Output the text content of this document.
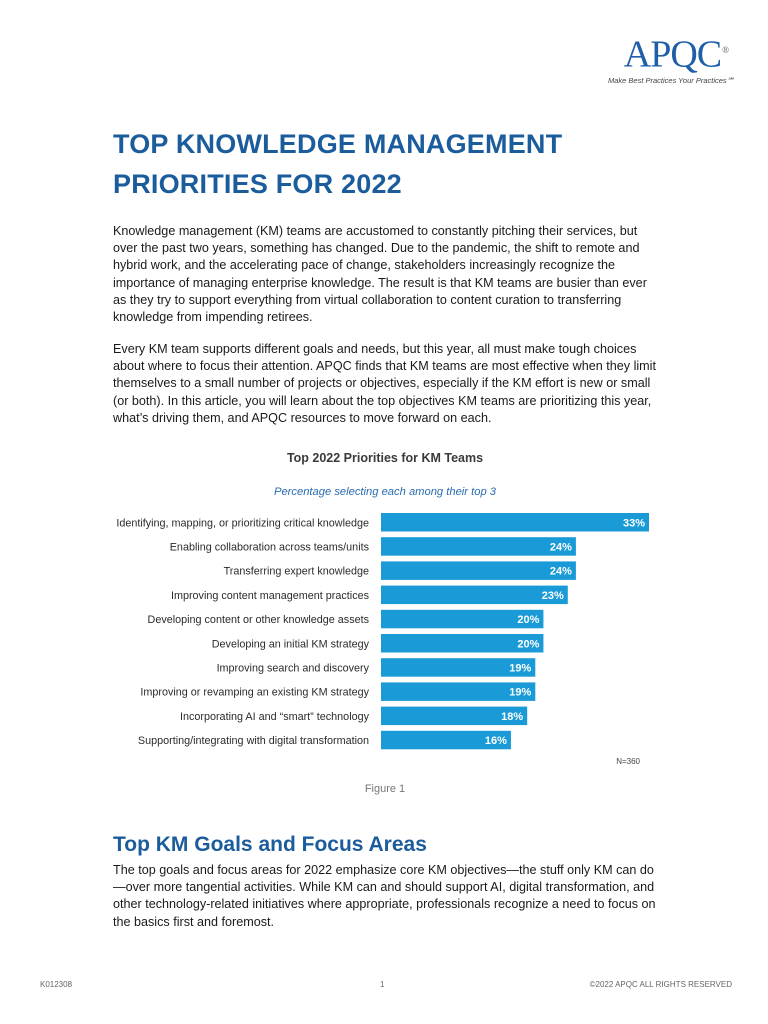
APQC®
Make Best Practices Your Practices℠
TOP KNOWLEDGE MANAGEMENT
PRIORITIES FOR 2022

Knowledge management (KM) teams are accustomed to constantly pitching their services, but over the past two years, something has changed. Due to the pandemic, the shift to remote and hybrid work, and the accelerating pace of change, stakeholders increasingly recognize the importance of managing enterprise knowledge. The result is that KM teams are busier than ever as they try to support everything from virtual collaboration to content curation to transferring knowledge from impending retirees.

Every KM team supports different goals and needs, but this year, all must make tough choices about where to focus their attention. APQC finds that KM teams are most effective when they limit themselves to a small number of projects or objectives, especially if the KM effort is new or small (or both). In this article, you will learn about the top objectives KM teams are prioritizing this year, what’s driving them, and APQC resources to move forward on each.

Top 2022 Priorities for KM Teams
Percentage selecting each among their top 3
Identifying, mapping, or prioritizing critical knowledge	33%
Enabling collaboration across teams/units	24%
Transferring expert knowledge	24%
Improving content management practices	23%
Developing content or other knowledge assets	20%
Developing an initial KM strategy	20%
Improving search and discovery	19%
Improving or revamping an existing KM strategy	19%
Incorporating AI and “smart” technology	18%
Supporting/integrating with digital transformation	16%
N=360
Figure 1
Top KM Goals and Focus Areas

The top goals and focus areas for 2022 emphasize core KM objectives—the stuff only KM can do—over more tangential activities. While KM can and should support AI, digital transformation, and other technology-related initiatives where appropriate, professionals recognize a need to focus on the basics first and foremost.

K012308	1	©2022 APQC ALL RIGHTS RESERVED
